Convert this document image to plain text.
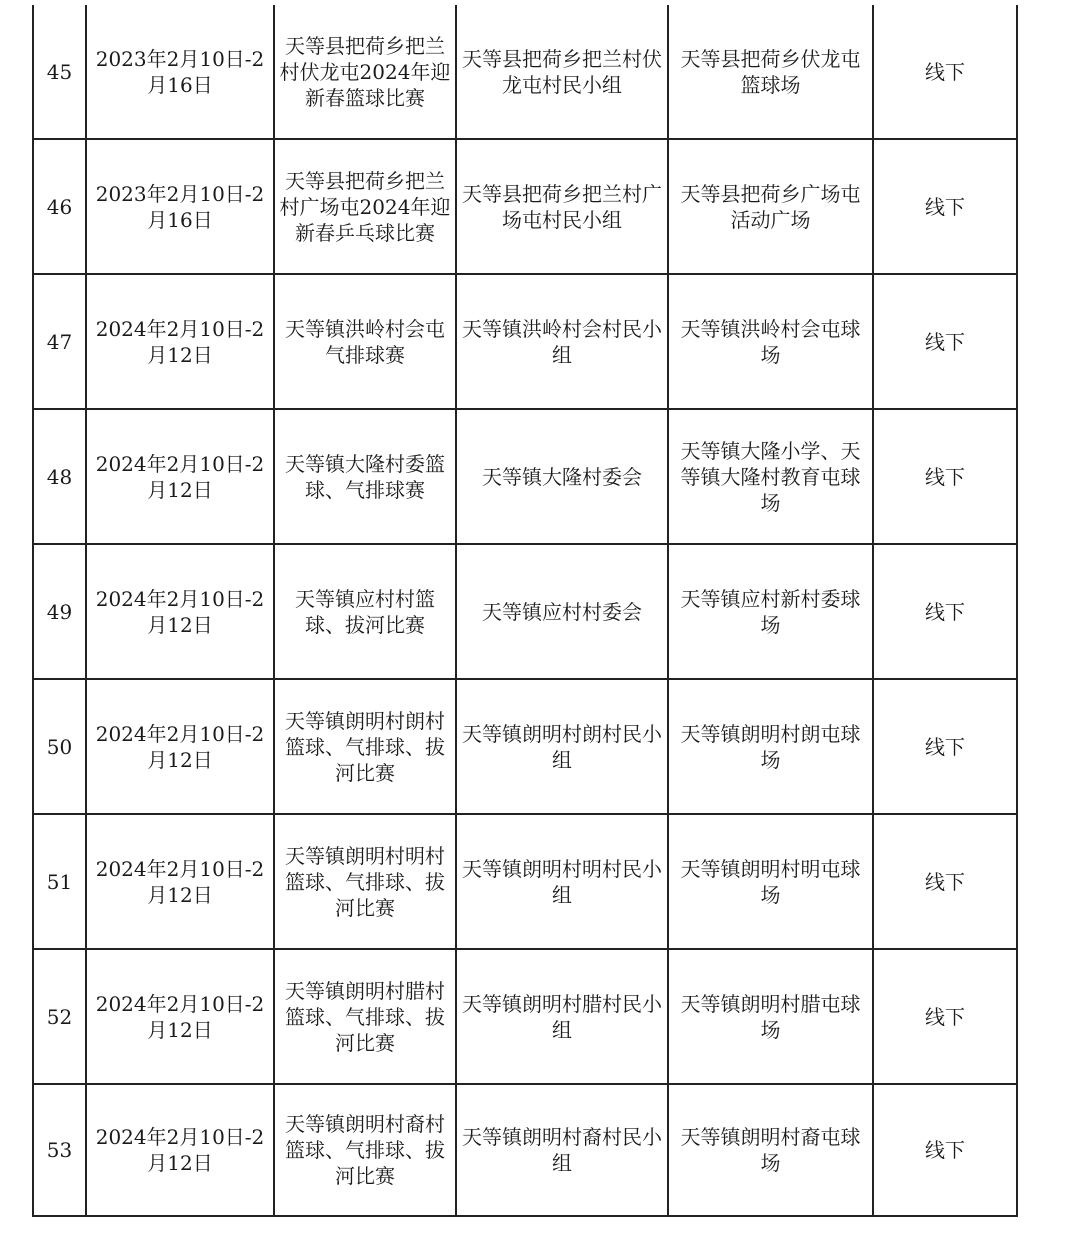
45	2023年2月10日-2月16日	天等县把荷乡把兰村伏龙屯2024年迎新春篮球比赛	天等县把荷乡把兰村伏龙屯村民小组	天等县把荷乡伏龙屯篮球场	线下
46	2023年2月10日-2月16日	天等县把荷乡把兰村广场屯2024年迎新春乒乓球比赛	天等县把荷乡把兰村广场屯村民小组	天等县把荷乡广场屯活动广场	线下
47	2024年2月10日-2月12日	天等镇洪岭村会屯气排球赛	天等镇洪岭村会村民小组	天等镇洪岭村会屯球场	线下
48	2024年2月10日-2月12日	天等镇大隆村委篮球、气排球赛	天等镇大隆村委会	天等镇大隆小学、天等镇大隆村教育屯球场	线下
49	2024年2月10日-2月12日	天等镇应村村篮球、拔河比赛	天等镇应村村委会	天等镇应村新村委球场	线下
50	2024年2月10日-2月12日	天等镇朗明村朗村篮球、气排球、拔河比赛	天等镇朗明村朗村民小组	天等镇朗明村朗屯球场	线下
51	2024年2月10日-2月12日	天等镇朗明村明村篮球、气排球、拔河比赛	天等镇朗明村明村民小组	天等镇朗明村明屯球场	线下
52	2024年2月10日-2月12日	天等镇朗明村腊村篮球、气排球、拔河比赛	天等镇朗明村腊村民小组	天等镇朗明村腊屯球场	线下
53	2024年2月10日-2月12日	天等镇朗明村裔村篮球、气排球、拔河比赛	天等镇朗明村裔村民小组	天等镇朗明村裔屯球场	线下
